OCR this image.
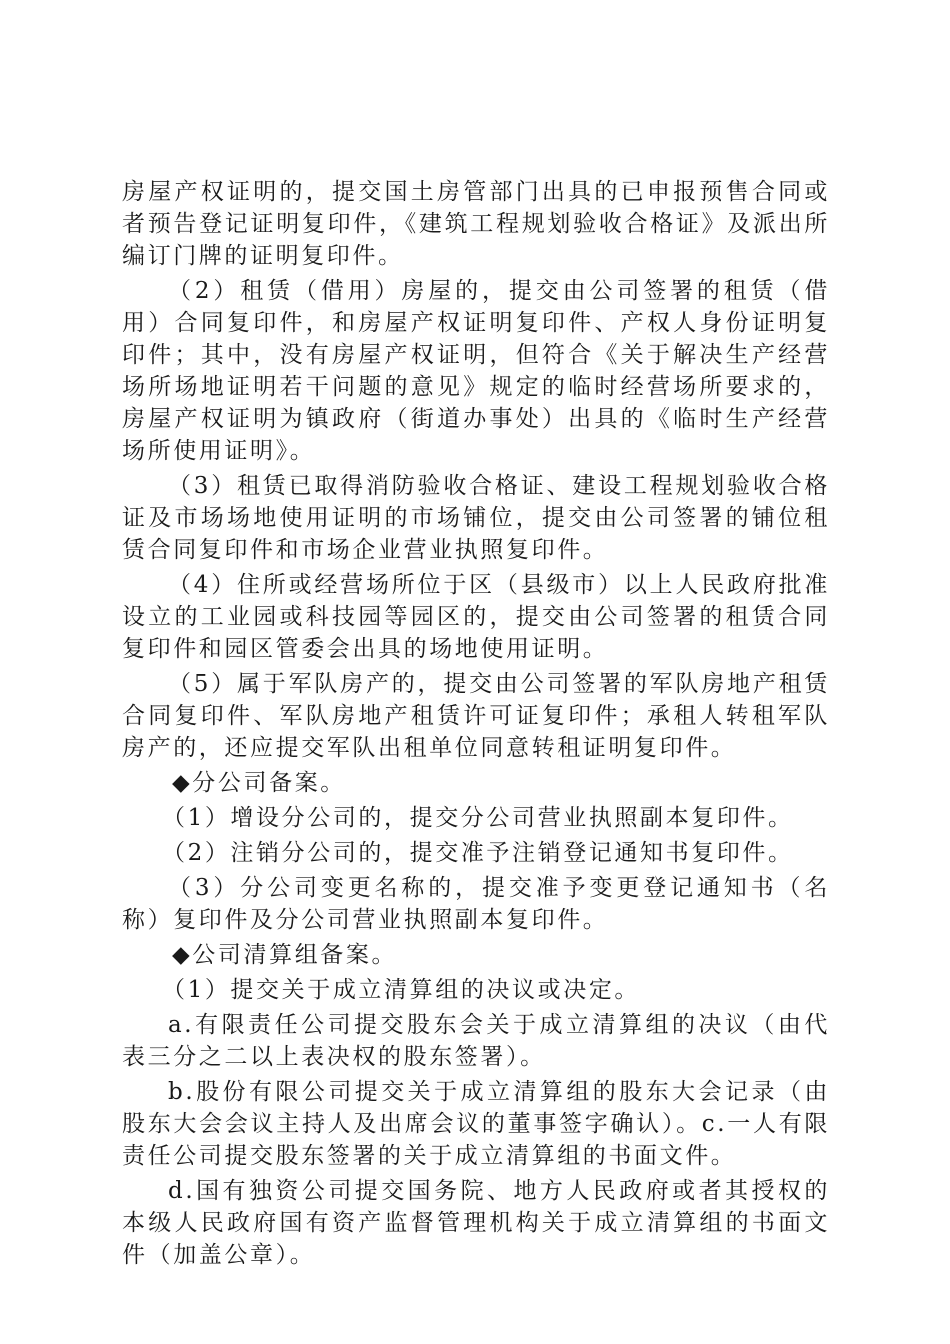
房屋产权证明的，提交国土房管部门出具的已申报预售合同或者预告登记证明复印件，《建筑工程规划验收合格证》及派出所编订门牌的证明复印件。

（2）租赁（借用）房屋的，提交由公司签署的租赁（借用）合同复印件，和房屋产权证明复印件、产权人身份证明复印件；其中，没有房屋产权证明，但符合《关于解决生产经营场所场地证明若干问题的意见》规定的临时经营场所要求的，房屋产权证明为镇政府（街道办事处）出具的《临时生产经营场所使用证明》。

（3）租赁已取得消防验收合格证、建设工程规划验收合格证及市场场地使用证明的市场铺位，提交由公司签署的铺位租赁合同复印件和市场企业营业执照复印件。

（4）住所或经营场所位于区（县级市）以上人民政府批准设立的工业园或科技园等园区的，提交由公司签署的租赁合同复印件和园区管委会出具的场地使用证明。

（5）属于军队房产的，提交由公司签署的军队房地产租赁合同复印件、军队房地产租赁许可证复印件；承租人转租军队房产的，还应提交军队出租单位同意转租证明复印件。

◆分公司备案。

（1）增设分公司的，提交分公司营业执照副本复印件。

（2）注销分公司的，提交准予注销登记通知书复印件。

（3）分公司变更名称的，提交准予变更登记通知书（名称）复印件及分公司营业执照副本复印件。

◆公司清算组备案。

（1）提交关于成立清算组的决议或决定。

a.有限责任公司提交股东会关于成立清算组的决议（由代表三分之二以上表决权的股东签署）。

b.股份有限公司提交关于成立清算组的股东大会记录（由股东大会会议主持人及出席会议的董事签字确认）。c.一人有限责任公司提交股东签署的关于成立清算组的书面文件。

d.国有独资公司提交国务院、地方人民政府或者其授权的本级人民政府国有资产监督管理机构关于成立清算组的书面文件（加盖公章）。
